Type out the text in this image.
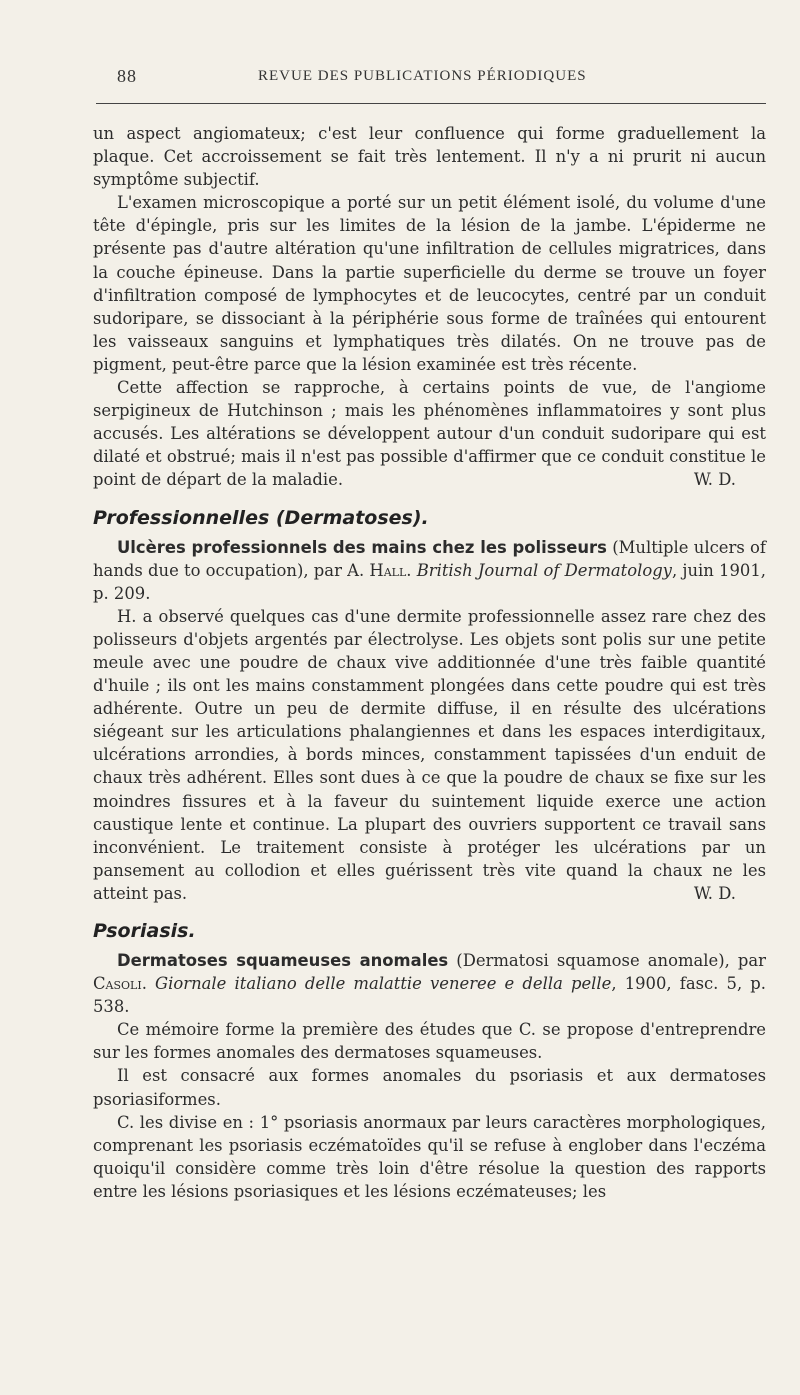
88	REVUE DES PUBLICATIONS PÉRIODIQUES

un aspect angiomateux; c'est leur confluence qui forme graduellement la plaque. Cet accroissement se fait très lentement. Il n'y a ni prurit ni aucun symptôme subjectif.

L'examen microscopique a porté sur un petit élément isolé, du volume d'une tête d'épingle, pris sur les limites de la lésion de la jambe. L'épiderme ne présente pas d'autre altération qu'une infiltration de cellules migratrices, dans la couche épineuse. Dans la partie superficielle du derme se trouve un foyer d'infiltration composé de lymphocytes et de leucocytes, centré par un conduit sudoripare, se dissociant à la périphérie sous forme de traînées qui entourent les vaisseaux sanguins et lymphatiques très dilatés. On ne trouve pas de pigment, peut-être parce que la lésion examinée est très récente.

Cette affection se rapproche, à certains points de vue, de l'angiome serpigineux de Hutchinson ; mais les phénomènes inflammatoires y sont plus accusés. Les altérations se développent autour d'un conduit sudoripare qui est dilaté et obstrué; mais il n'est pas possible d'affirmer que ce conduit constitue le point de départ de la maladie.	W. D.

Professionnelles (Dermatoses).

Ulcères professionnels des mains chez les polisseurs (Multiple ulcers of hands due to occupation), par A. Hall. British Journal of Dermatology, juin 1901, p. 209.

H. a observé quelques cas d'une dermite professionnelle assez rare chez des polisseurs d'objets argentés par électrolyse. Les objets sont polis sur une petite meule avec une poudre de chaux vive additionnée d'une très faible quantité d'huile ; ils ont les mains constamment plongées dans cette poudre qui est très adhérente. Outre un peu de dermite diffuse, il en résulte des ulcérations siégeant sur les articulations phalangiennes et dans les espaces interdigitaux, ulcérations arrondies, à bords minces, constamment tapissées d'un enduit de chaux très adhérent. Elles sont dues à ce que la poudre de chaux se fixe sur les moindres fissures et à la faveur du suintement liquide exerce une action caustique lente et continue. La plupart des ouvriers supportent ce travail sans inconvénient. Le traitement consiste à protéger les ulcérations par un pansement au collodion et elles guérissent très vite quand la chaux ne les atteint pas.	W. D.

Psoriasis.

Dermatoses squameuses anomales (Dermatosi squamose anomale), par Casoli. Giornale italiano delle malattie veneree e della pelle, 1900, fasc. 5, p. 538.

Ce mémoire forme la première des études que C. se propose d'entreprendre sur les formes anomales des dermatoses squameuses.

Il est consacré aux formes anomales du psoriasis et aux dermatoses psoriasiformes.

C. les divise en : 1° psoriasis anormaux par leurs caractères morphologiques, comprenant les psoriasis eczématoïdes qu'il se refuse à englober dans l'eczéma quoiqu'il considère comme très loin d'être résolue la question des rapports entre les lésions psoriasiques et les lésions eczémateuses; les
